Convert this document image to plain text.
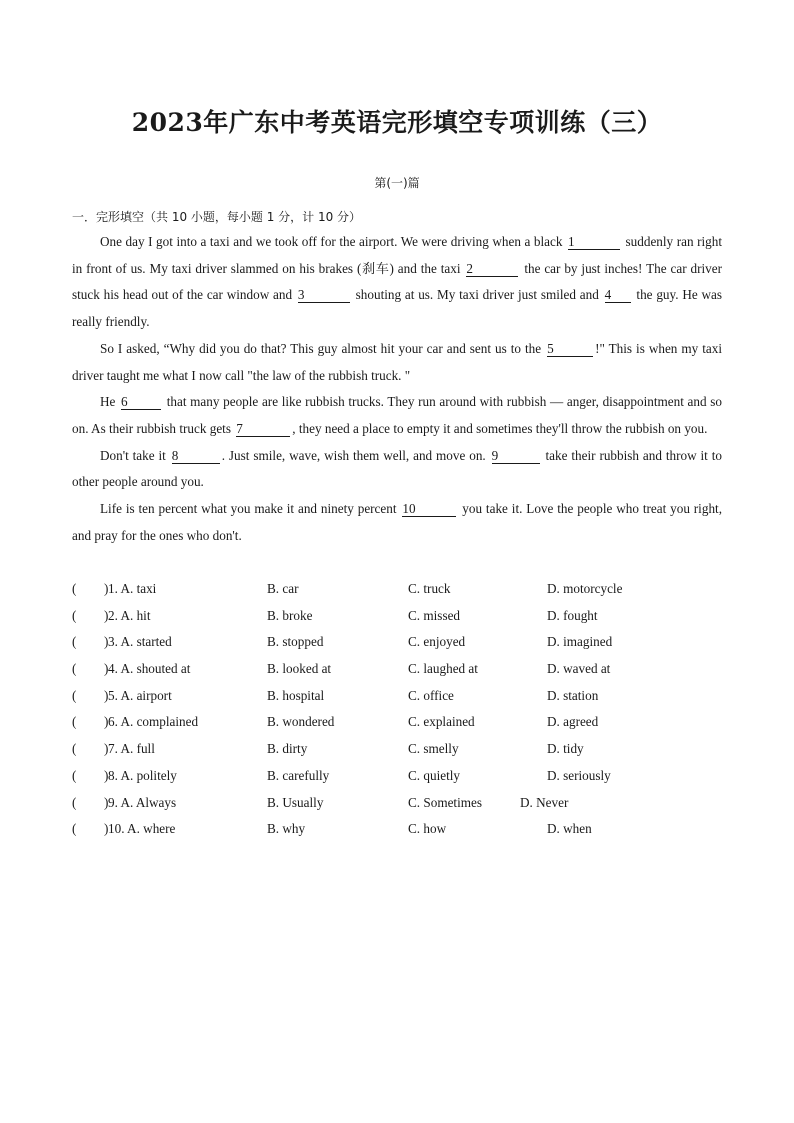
2023年广东中考英语完形填空专项训练（三）
第(一)篇
一．完形填空（共 10 小题，每小题 1 分，计 10 分）

One day I got into a taxi and we took off for the airport. We were driving when a black 1	suddenly ran right in front of us. My taxi driver slammed on his brakes (刹车) and the taxi 2	the car by just inches! The car driver stuck his head out of the car window and 3	shouting at us. My taxi driver just smiled and 4 the guy. He was really friendly.

So I asked, “Why did you do that? This guy almost hit your car and sent us to the 5	!" This is when my taxi driver taught me what I now call "the law of the rubbish truck. "

He 6	that many people are like rubbish trucks. They run around with rubbish — anger, disappointment and so on. As their rubbish truck gets 7	, they need a place to empty it and sometimes they'll throw the rubbish on you.

Don't take it 8	. Just smile, wave, wish them well, and move on. 9	take their rubbish and throw it to other people around you.

Life is ten percent what you make it and ninety percent 10	you take it. Love the people who treat you right, and pray for the ones who don't.

( ) 1. A. taxi	B. car	C. truck	D. motorcycle
( ) 2. A. hit	B. broke	C. missed	D. fought
( ) 3. A. started	B. stopped	C. enjoyed	D. imagined
( ) 4. A. shouted at	B. looked at	C. laughed at	D. waved at
( ) 5. A. airport	B. hospital	C. office	D. station
( ) 6. A. complained	B. wondered	C. explained	D. agreed
( ) 7. A. full	B. dirty	C. smelly	D. tidy
( ) 8. A. politely	B. carefully	C. quietly	D. seriously
( ) 9. A. Always	B. Usually	C. Sometimes	D. Never
( ) 10. A. where	B. why	C. how	D. when
